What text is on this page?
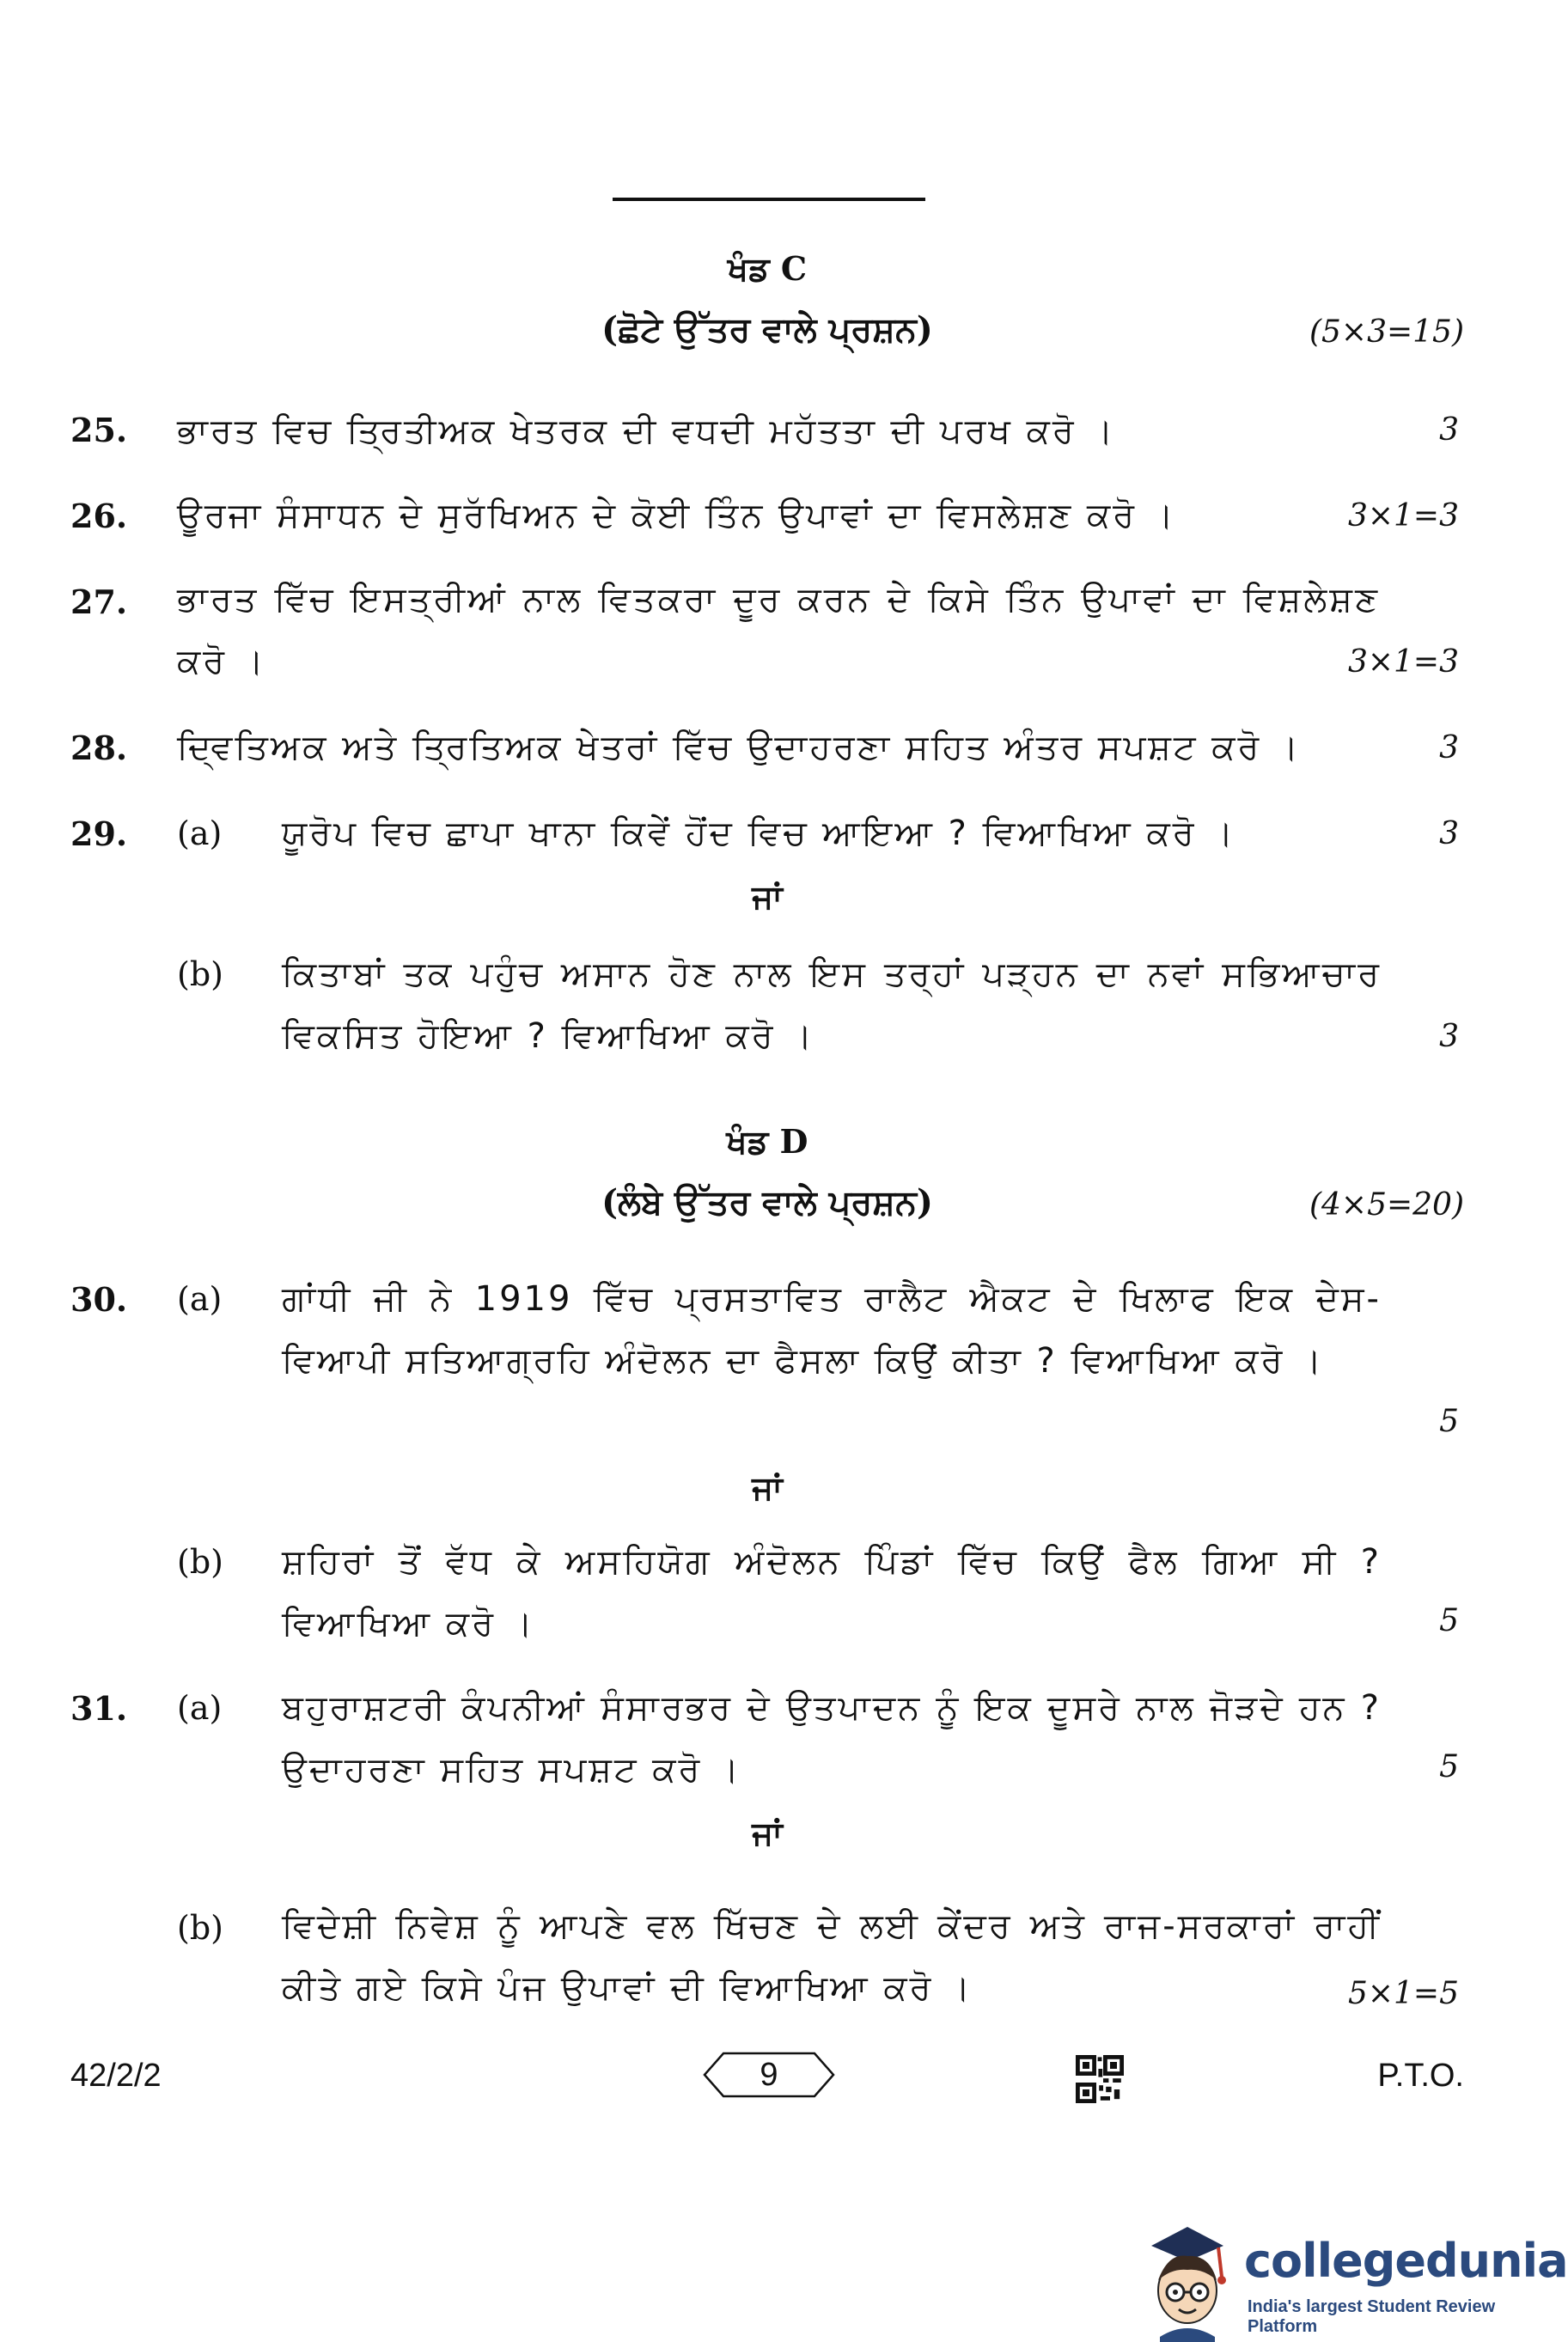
ਖੰਡ C
(ਛੋਟੇ ਉੱਤਰ ਵਾਲੇ ਪ੍ਰਸ਼ਨ)	(5×3=15)
25. ਭਾਰਤ ਵਿਚ ਤ੍ਰਿਤੀਅਕ ਖੇਤਰਕ ਦੀ ਵਧਦੀ ਮਹੱਤਤਾ ਦੀ ਪਰਖ ਕਰੋ ।	3
26. ਊਰਜਾ ਸੰਸਾਧਨ ਦੇ ਸੁਰੱਖਿਅਨ ਦੇ ਕੋਈ ਤਿੰਨ ਉਪਾਵਾਂ ਦਾ ਵਿਸਲੇਸ਼ਣ ਕਰੋ ।	3×1=3
27. ਭਾਰਤ ਵਿੱਚ ਇਸਤ੍ਰੀਆਂ ਨਾਲ ਵਿਤਕਰਾ ਦੂਰ ਕਰਨ ਦੇ ਕਿਸੇ ਤਿੰਨ ਉਪਾਵਾਂ ਦਾ ਵਿਸ਼ਲੇਸ਼ਣ ਕਰੋ ।	3×1=3
28. ਦ੍ਵਿਤਿਅਕ ਅਤੇ ਤ੍ਰਿਤਿਅਕ ਖੇਤਰਾਂ ਵਿੱਚ ਉਦਾਹਰਣਾ ਸਹਿਤ ਅੰਤਰ ਸਪਸ਼ਟ ਕਰੋ ।	3
29. (a) ਯੂਰੋਪ ਵਿਚ ਛਾਪਾ ਖਾਨਾ ਕਿਵੇਂ ਹੋਂਦ ਵਿਚ ਆਇਆ ? ਵਿਆਖਿਆ ਕਰੋ ।	3
ਜਾਂ
(b) ਕਿਤਾਬਾਂ ਤਕ ਪਹੁੰਚ ਅਸਾਨ ਹੋਣ ਨਾਲ ਇਸ ਤਰ੍ਹਾਂ ਪੜ੍ਹਨ ਦਾ ਨਵਾਂ ਸਭਿਆਚਾਰ ਵਿਕਸਿਤ ਹੋਇਆ ? ਵਿਆਖਿਆ ਕਰੋ ।	3
ਖੰਡ D
(ਲੰਬੇ ਉੱਤਰ ਵਾਲੇ ਪ੍ਰਸ਼ਨ)	(4×5=20)
30. (a) ਗਾਂਧੀ ਜੀ ਨੇ 1919 ਵਿੱਚ ਪ੍ਰਸਤਾਵਿਤ ਰਾਲੈਟ ਐਕਟ ਦੇ ਖਿਲਾਫ ਇਕ ਦੇਸ-ਵਿਆਪੀ ਸਤਿਆਗ੍ਰਹਿ ਅੰਦੋਲਨ ਦਾ ਫੈਸਲਾ ਕਿਉਂ ਕੀਤਾ ? ਵਿਆਖਿਆ ਕਰੋ ।
5
ਜਾਂ
(b) ਸ਼ਹਿਰਾਂ ਤੋਂ ਵੱਧ ਕੇ ਅਸਹਿਯੋਗ ਅੰਦੋਲਨ ਪਿੰਡਾਂ ਵਿੱਚ ਕਿਉਂ ਫੈਲ ਗਿਆ ਸੀ ? ਵਿਆਖਿਆ ਕਰੋ ।	5
31. (a) ਬਹੁਰਾਸ਼ਟਰੀ ਕੰਪਨੀਆਂ ਸੰਸਾਰਭਰ ਦੇ ਉਤਪਾਦਨ ਨੂੰ ਇਕ ਦੂਸਰੇ ਨਾਲ ਜੋੜਦੇ ਹਨ ? ਉਦਾਹਰਣਾ ਸਹਿਤ ਸਪਸ਼ਟ ਕਰੋ ।	5
ਜਾਂ
(b) ਵਿਦੇਸ਼ੀ ਨਿਵੇਸ਼ ਨੂੰ ਆਪਣੇ ਵਲ ਖਿੱਚਣ ਦੇ ਲਈ ਕੇਂਦਰ ਅਤੇ ਰਾਜ-ਸਰਕਾਰਾਂ ਰਾਹੀਂ ਕੀਤੇ ਗਏ ਕਿਸੇ ਪੰਜ ਉਪਾਵਾਂ ਦੀ ਵਿਆਖਿਆ ਕਰੋ ।	5×1=5
42/2/2	9	P.T.O.
collegedunia
India's largest Student Review Platform
